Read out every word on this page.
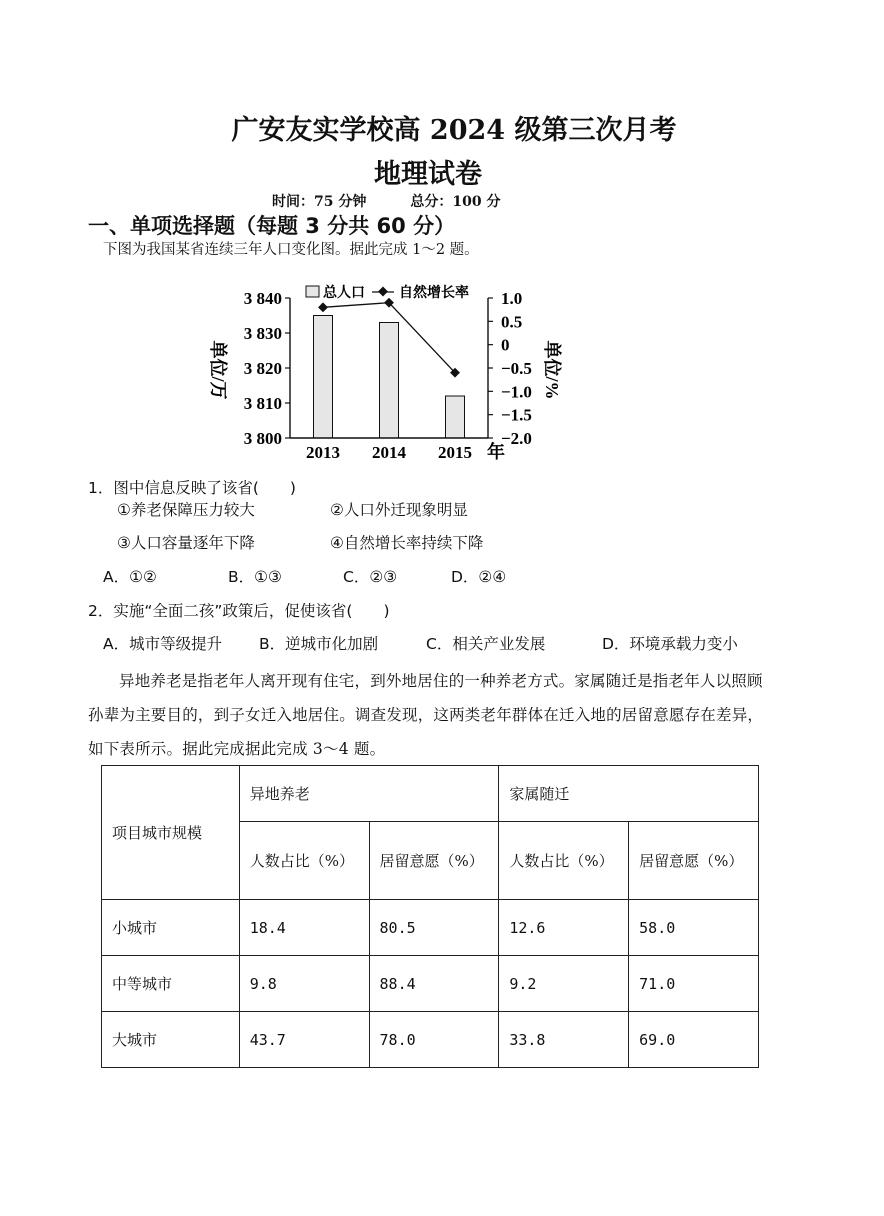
广安友实学校高 2024 级第三次月考
地理试卷
时间：75 分钟	总分：100 分
一、单项选择题（每题 3 分共 60 分）
下图为我国某省连续三年人口变化图。据此完成 1～2 题。
3 840
3 830
3 820
3 810
3 800
1.0
0.5
0
−0.5
−1.0
−1.5
−2.0
2013 2014 2015
单位/万	单位/%
总人口 自然增长率
年
1．图中信息反映了该省(　　)
①养老保障压力较大	②人口外迁现象明显
③人口容量逐年下降	④自然增长率持续下降
A．①②	B．①③	C．②③	D．②④
2．实施“全面二孩”政策后，促使该省(　　)
A．城市等级提升 B．逆城市化加剧	C．相关产业发展	D．环境承载力变小
异地养老是指老年人离开现有住宅，到外地居住的一种养老方式。家属随迁是指老年人以照顾孙辈为主要目的，到子女迁入地居住。调查发现，这两类老年群体在迁入地的居留意愿存在差异，如下表所示。据此完成据此完成 3～4 题。
项目城市规模	异地养老		家属随迁	
	人数占比（%）	居留意愿（%）	人数占比（%）	居留意愿（%）
小城市	18.4	80.5	12.6	58.0
中等城市	9.8	88.4	9.2	71.0
大城市	43.7	78.0	33.8	69.0
